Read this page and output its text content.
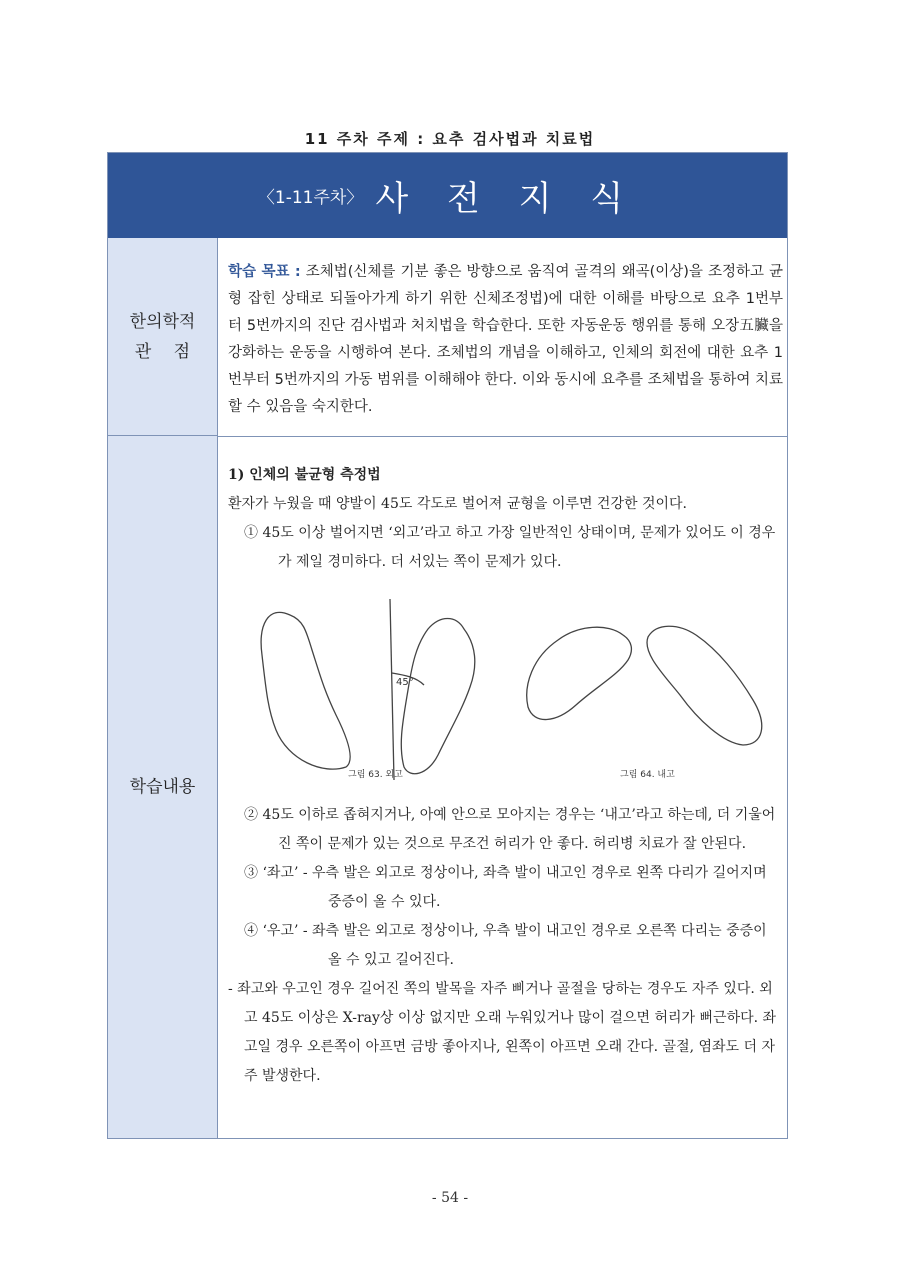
11 주차 주제 : 요추 검사법과 치료법
〈1-11주차〉 사 전 지 식
한의학적
관　 점
학습 목표 : 조체법(신체를 기분 좋은 방향으로 움직여 골격의 왜곡(이상)을 조정하고 균형 잡힌 상태로 되돌아가게 하기 위한 신체조정법)에 대한 이해를 바탕으로 요추 1번부터 5번까지의 진단 검사법과 처치법을 학습한다. 또한 자동운동 행위를 통해 오장五臟을 강화하는 운동을 시행하여 본다. 조체법의 개념을 이해하고, 인체의 회전에 대한 요추 1번부터 5번까지의 가동 범위를 이해해야 한다. 이와 동시에 요추를 조체법을 통하여 치료할 수 있음을 숙지한다.
학습내용
1) 인체의 불균형 측정법
환자가 누웠을 때 양발이 45도 각도로 벌어져 균형을 이루면 건강한 것이다.
① 45도 이상 벌어지면 ‘외고’라고 하고 가장 일반적인 상태이며, 문제가 있어도 이 경우가 제일 경미하다. 더 서있는 쪽이 문제가 있다.
45°
그림 63. 외고	그림 64. 내고
② 45도 이하로 좁혀지거나, 아예 안으로 모아지는 경우는 ‘내고’라고 하는데, 더 기울어진 쪽이 문제가 있는 것으로 무조건 허리가 안 좋다. 허리병 치료가 잘 안된다.
③ ‘좌고’ - 우측 발은 외고로 정상이나, 좌측 발이 내고인 경우로 왼쪽 다리가 길어지며 중증이 올 수 있다.
④ ‘우고’ - 좌측 발은 외고로 정상이나, 우측 발이 내고인 경우로 오른쪽 다리는 중증이 올 수 있고 길어진다.
- 좌고와 우고인 경우 길어진 쪽의 발목을 자주 삐거나 골절을 당하는 경우도 자주 있다. 외고 45도 이상은 X-ray상 이상 없지만 오래 누워있거나 많이 걸으면 허리가 뻐근하다. 좌고일 경우 오른쪽이 아프면 금방 좋아지나, 왼쪽이 아프면 오래 간다. 골절, 염좌도 더 자주 발생한다.
- 54 -
